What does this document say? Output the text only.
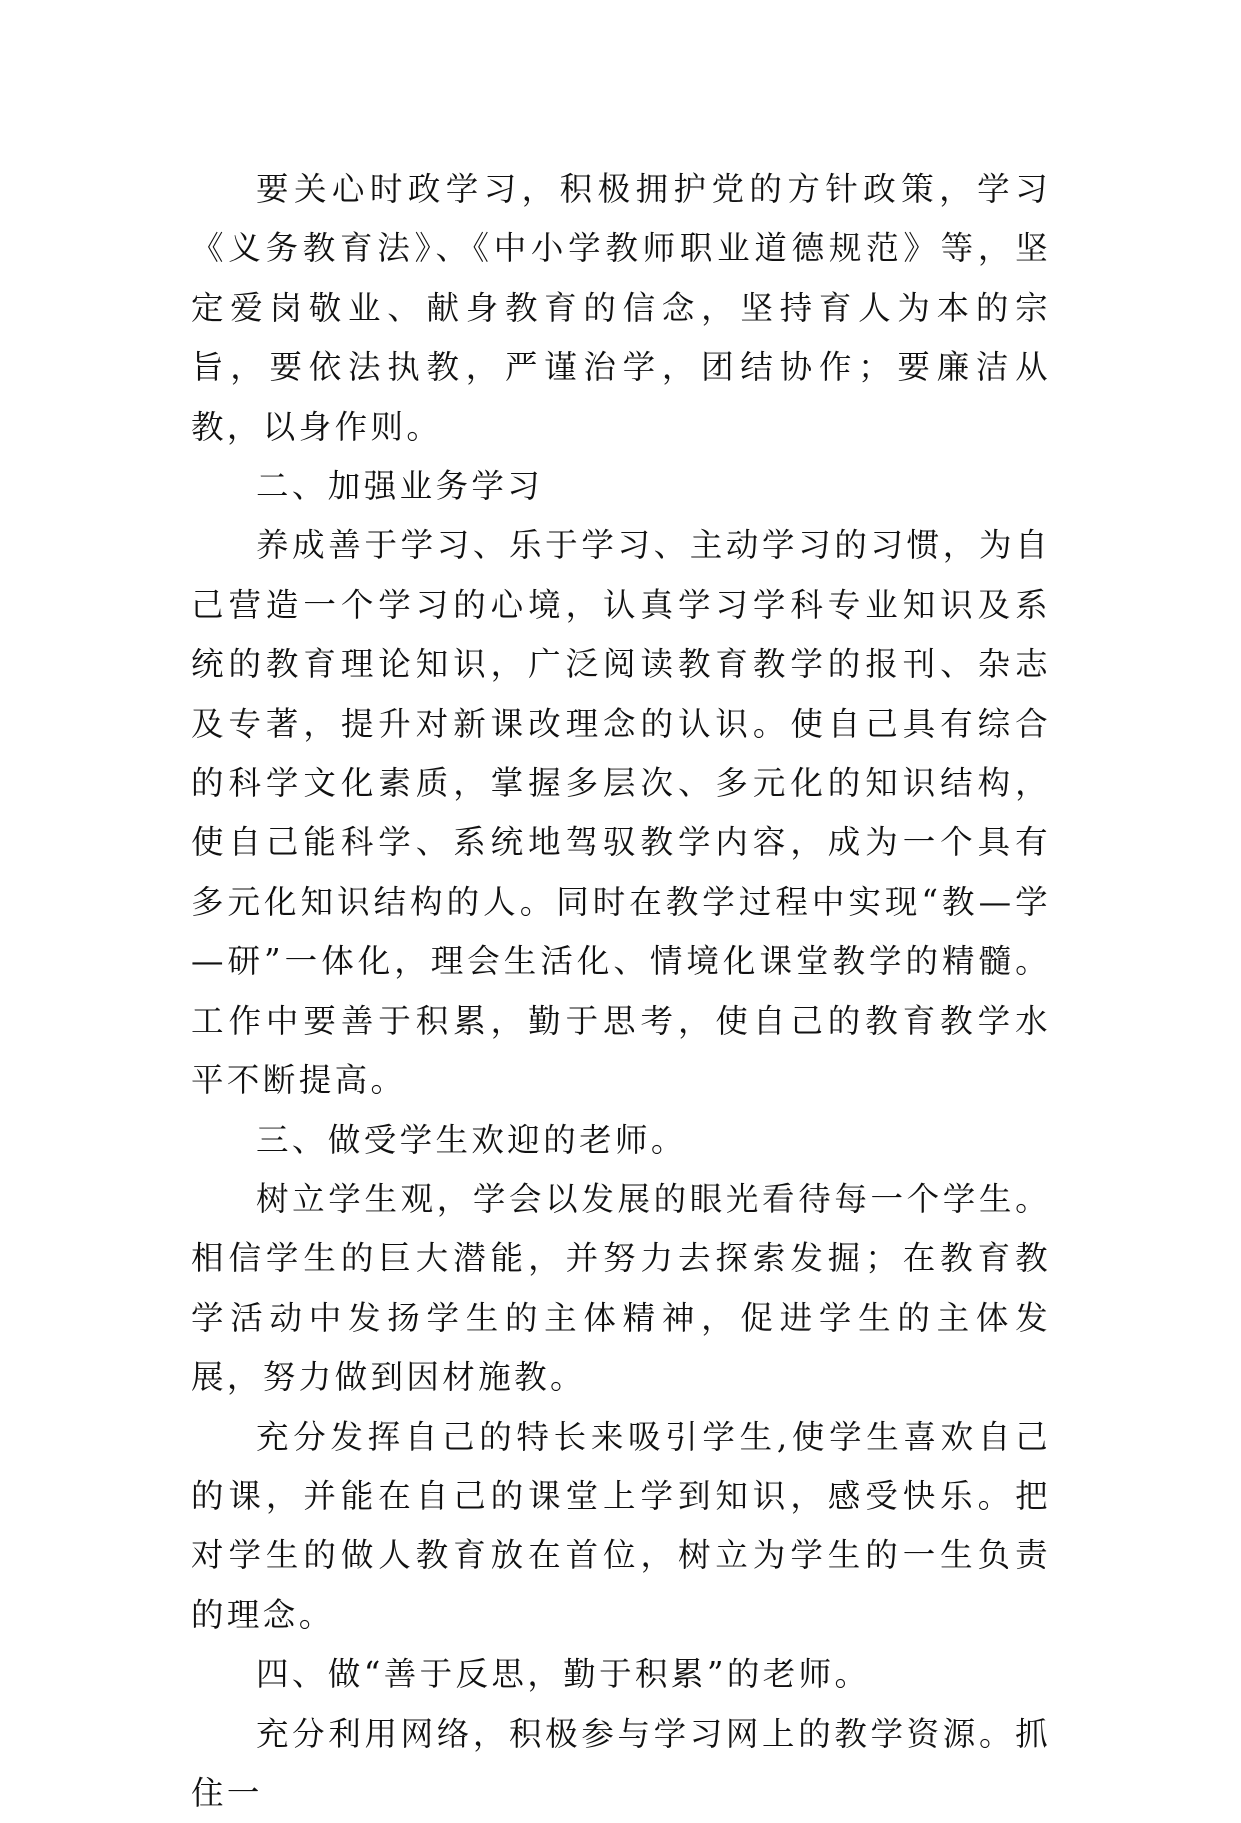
要关心时政学习，积极拥护党的方针政策，学习《义务教育法》、《中小学教师职业道德规范》等，坚定爱岗敬业、献身教育的信念，坚持育人为本的宗旨，要依法执教，严谨治学，团结协作；要廉洁从教，以身作则。

二、加强业务学习

养成善于学习、乐于学习、主动学习的习惯，为自己营造一个学习的心境，认真学习学科专业知识及系统的教育理论知识，广泛阅读教育教学的报刊、杂志及专著，提升对新课改理念的认识。使自己具有综合的科学文化素质，掌握多层次、多元化的知识结构，使自己能科学、系统地驾驭教学内容，成为一个具有多元化知识结构的人。同时在教学过程中实现“教—学—研”一体化，理会生活化、情境化课堂教学的精髓。工作中要善于积累，勤于思考，使自己的教育教学水平不断提高。

三、做受学生欢迎的老师。

树立学生观，学会以发展的眼光看待每一个学生。相信学生的巨大潜能，并努力去探索发掘；在教育教学活动中发扬学生的主体精神，促进学生的主体发展，努力做到因材施教。

充分发挥自己的特长来吸引学生,使学生喜欢自己的课，并能在自己的课堂上学到知识，感受快乐。把对学生的做人教育放在首位，树立为学生的一生负责的理念。

四、做“善于反思，勤于积累”的老师。

充分利用网络，积极参与学习网上的教学资源。抓住一
